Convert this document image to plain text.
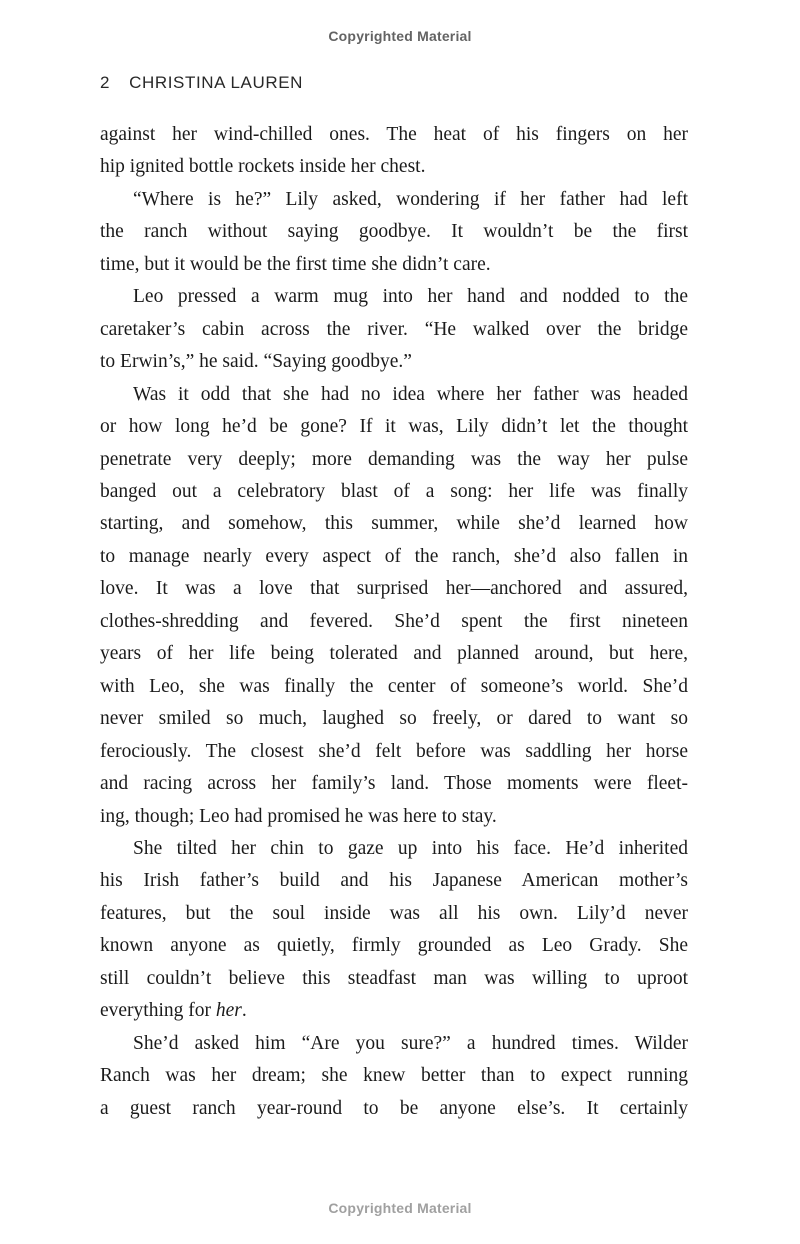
Copyrighted Material
2 CHRISTINA LAUREN

against her wind-chilled ones. The heat of his fingers on her
hip ignited bottle rockets inside her chest.

“Where is he?” Lily asked, wondering if her father had left
the ranch without saying goodbye. It wouldn’t be the first
time, but it would be the first time she didn’t care.

Leo pressed a warm mug into her hand and nodded to the
caretaker’s cabin across the river. “He walked over the bridge
to Erwin’s,” he said. “Saying goodbye.”

Was it odd that she had no idea where her father was headed
or how long he’d be gone? If it was, Lily didn’t let the thought
penetrate very deeply; more demanding was the way her pulse
banged out a celebratory blast of a song: her life was finally
starting, and somehow, this summer, while she’d learned how
to manage nearly every aspect of the ranch, she’d also fallen in
love. It was a love that surprised her—anchored and assured,
clothes-shredding and fevered. She’d spent the first nineteen
years of her life being tolerated and planned around, but here,
with Leo, she was finally the center of someone’s world. She’d
never smiled so much, laughed so freely, or dared to want so
ferociously. The closest she’d felt before was saddling her horse
and racing across her family’s land. Those moments were fleet-
ing, though; Leo had promised he was here to stay.

She tilted her chin to gaze up into his face. He’d inherited
his Irish father’s build and his Japanese American mother’s
features, but the soul inside was all his own. Lily’d never
known anyone as quietly, firmly grounded as Leo Grady. She
still couldn’t believe this steadfast man was willing to uproot
everything for her.

She’d asked him “Are you sure?” a hundred times. Wilder
Ranch was her dream; she knew better than to expect running
a guest ranch year-round to be anyone else’s. It certainly

Copyrighted Material
